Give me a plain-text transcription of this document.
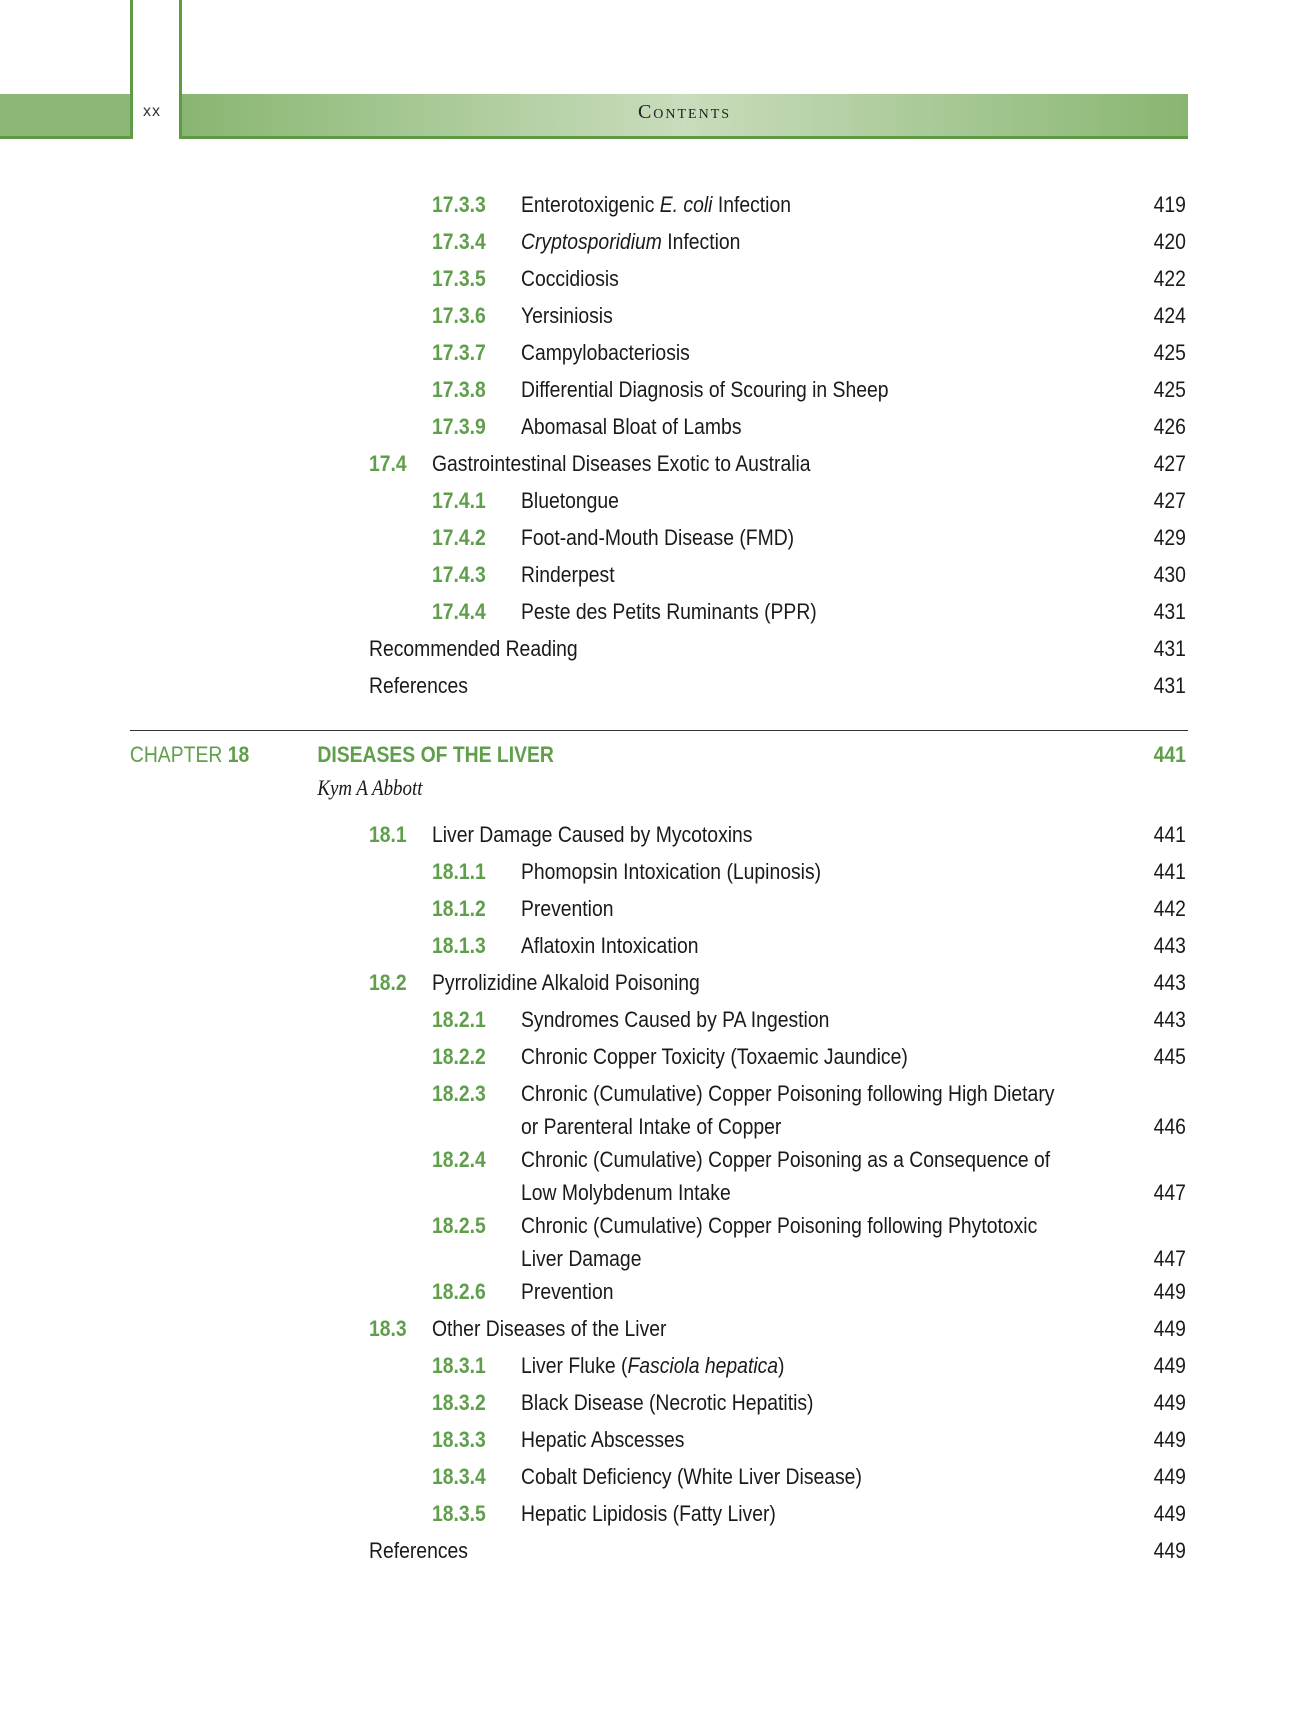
xx	Contents
17.3.3 Enterotoxigenic E. coli Infection	419
17.3.4 Cryptosporidium Infection	420
17.3.5 Coccidiosis	422
17.3.6 Yersiniosis	424
17.3.7 Campylobacteriosis	425
17.3.8 Differential Diagnosis of Scouring in Sheep	425
17.3.9 Abomasal Bloat of Lambs	426
17.4 Gastrointestinal Diseases Exotic to Australia	427
17.4.1 Bluetongue	427
17.4.2 Foot-and-Mouth Disease (FMD)	429
17.4.3 Rinderpest	430
17.4.4 Peste des Petits Ruminants (PPR)	431
Recommended Reading	431
References	431
18.1 Liver Damage Caused by Mycotoxins	441
18.1.1 Phomopsin Intoxication (Lupinosis)	441
18.1.2 Prevention	442
18.1.3 Aflatoxin Intoxication	443
18.2 Pyrrolizidine Alkaloid Poisoning	443
18.2.1 Syndromes Caused by PA Ingestion	443
18.2.2 Chronic Copper Toxicity (Toxaemic Jaundice)	445
18.2.3 Chronic (Cumulative) Copper Poisoning following High Dietary
or Parenteral Intake of Copper	446
18.2.4 Chronic (Cumulative) Copper Poisoning as a Consequence of
Low Molybdenum Intake	447
18.2.5 Chronic (Cumulative) Copper Poisoning following Phytotoxic
Liver Damage	447
18.2.6 Prevention	449
18.3 Other Diseases of the Liver	449
18.3.1 Liver Fluke (Fasciola hepatica)	449
18.3.2 Black Disease (Necrotic Hepatitis)	449
18.3.3 Hepatic Abscesses	449
18.3.4 Cobalt Deficiency (White Liver Disease)	449
18.3.5 Hepatic Lipidosis (Fatty Liver)	449
References	449
CHAPTER 18	DISEASES OF THE LIVER	441
Kym A Abbott
